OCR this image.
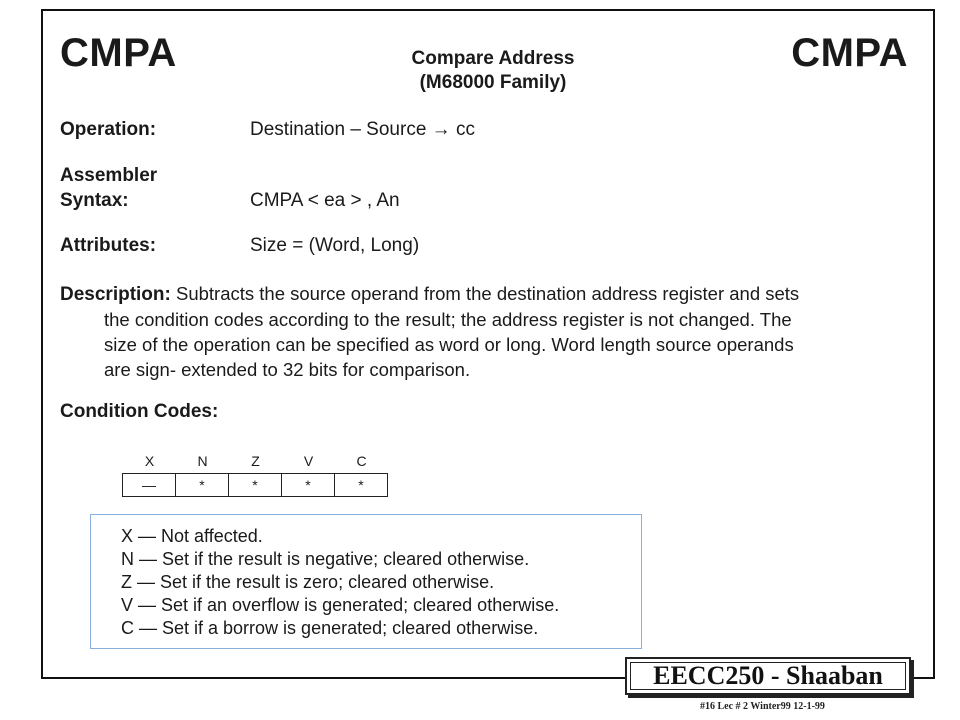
CMPA	CMPA
Compare Address
(M68000 Family)
Operation:	Destination – Source → cc
Assembler
Syntax:	CMPA < ea > , An
Attributes:	Size = (Word, Long)
Description: Subtracts the source operand from the destination address register and sets
the condition codes according to the result; the address register is not changed. The
size of the operation can be specified as word or long. Word length source operands
are sign- extended to 32 bits for comparison.
Condition Codes:
X	N	Z	V	C
—	*	*	*	*
X — Not affected.
N — Set if the result is negative; cleared otherwise.
Z — Set if the result is zero; cleared otherwise.
V — Set if an overflow is generated; cleared otherwise.
C — Set if a borrow is generated; cleared otherwise.
EECC250 - Shaaban
#16 Lec # 2 Winter99 12-1-99
